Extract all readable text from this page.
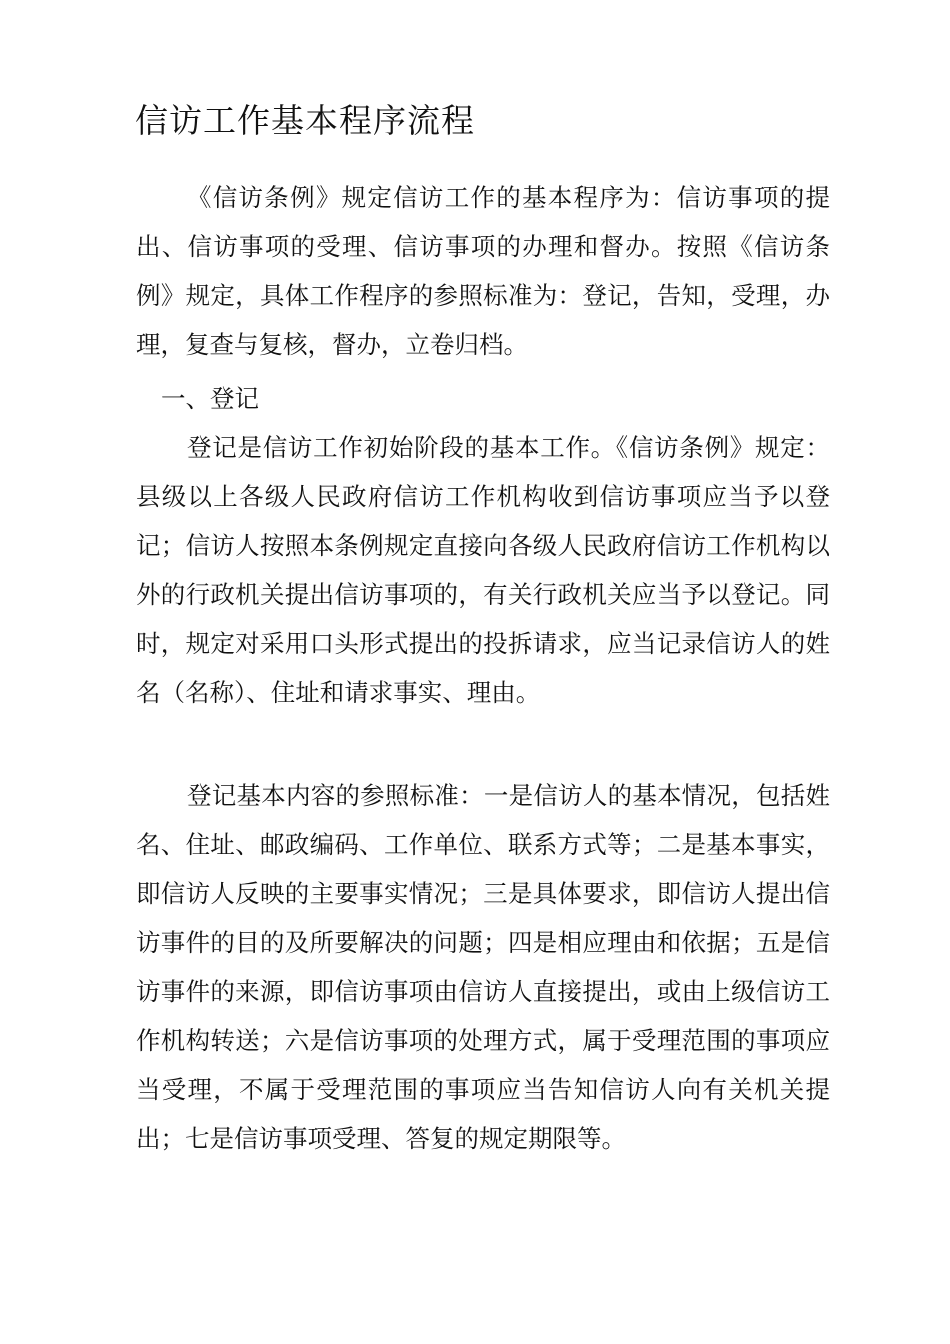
信访工作基本程序流程

《信访条例》规定信访工作的基本程序为：信访事项的提出、信访事项的受理、信访事项的办理和督办。按照《信访条例》规定，具体工作程序的参照标准为：登记，告知，受理，办理，复查与复核，督办，立卷归档。

一、登记

登记是信访工作初始阶段的基本工作。《信访条例》规定：县级以上各级人民政府信访工作机构收到信访事项应当予以登记；信访人按照本条例规定直接向各级人民政府信访工作机构以外的行政机关提出信访事项的，有关行政机关应当予以登记。同时，规定对采用口头形式提出的投拆请求，应当记录信访人的姓名（名称）、住址和请求事实、理由。

登记基本内容的参照标准：一是信访人的基本情况，包括姓名、住址、邮政编码、工作单位、联系方式等；二是基本事实，即信访人反映的主要事实情况；三是具体要求，即信访人提出信访事件的目的及所要解决的问题；四是相应理由和依据；五是信访事件的来源，即信访事项由信访人直接提出，或由上级信访工作机构转送；六是信访事项的处理方式，属于受理范围的事项应当受理，不属于受理范围的事项应当告知信访人向有关机关提出；七是信访事项受理、答复的规定期限等。
